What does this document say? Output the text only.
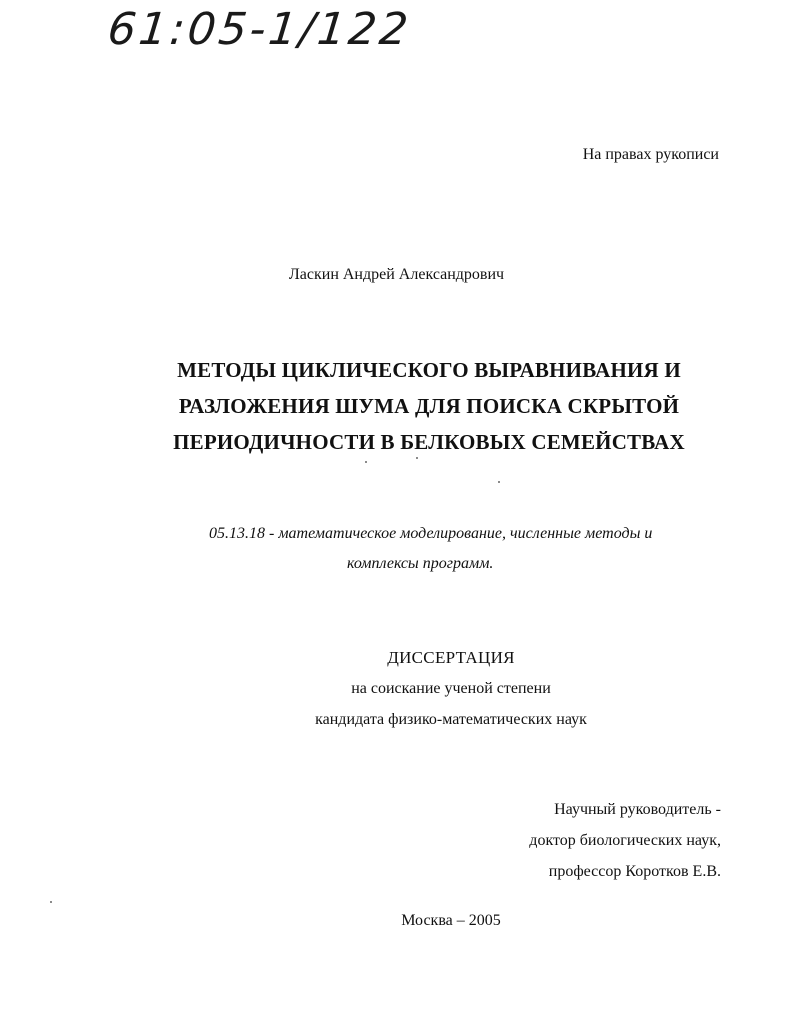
61:05-1/122
На правах рукописи
Ласкин Андрей Александрович
МЕТОДЫ ЦИКЛИЧЕСКОГО ВЫРАВНИВАНИЯ И
РАЗЛОЖЕНИЯ ШУМА ДЛЯ ПОИСКА СКРЫТОЙ
ПЕРИОДИЧНОСТИ В БЕЛКОВЫХ СЕМЕЙСТВАХ
05.13.18 - математическое моделирование, численные методы и
комплексы программ.
ДИССЕРТАЦИЯ
на соискание ученой степени
кандидата физико-математических наук
Научный руководитель -
доктор биологических наук,
профессор Коротков Е.В.
Москва – 2005
